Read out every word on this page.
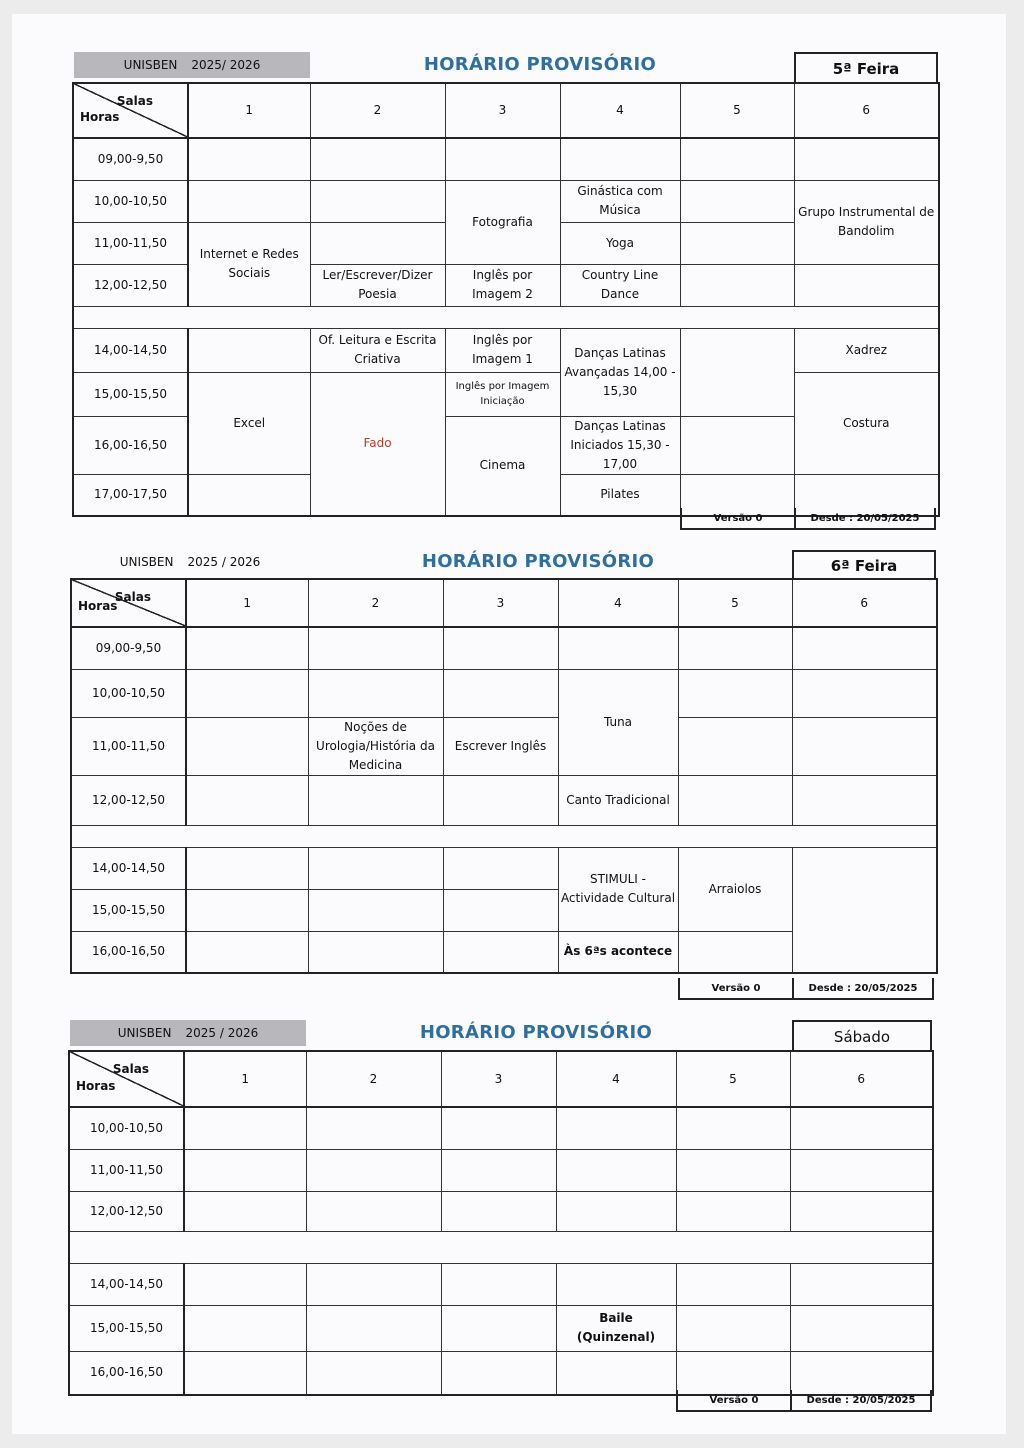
UNISBEN 2025/ 2026	HORÁRIO PROVISÓRIO	5ª Feira
Salas
Horas	1	2	3	4	5	6
09,00-9,50						
10,00-10,50			Fotografia	Ginástica com Música		Grupo Instrumental de Bandolim
11,00-11,50	Internet e Redes Sociais			Yoga		
12,00-12,50		Ler/Escrever/Dizer Poesia	Inglês por Imagem 2	Country Line Dance		

14,00-14,50		Of. Leitura e Escrita Criativa	Inglês por Imagem 1	Danças Latinas Avançadas 14,00 - 15,30		Xadrez
15,00-15,50	Excel	Fado	Inglês por Imagem Iniciação			Costura
16,00-16,50			Cinema	Danças Latinas Iniciados 15,30 - 17,00		
17,00-17,50				Pilates		
Versão 0	Desde : 20/05/2025
UNISBEN 2025 / 2026	HORÁRIO PROVISÓRIO	6ª Feira
Salas
Horas	1	2	3	4	5	6
09,00-9,50						
10,00-10,50				Tuna		
11,00-11,50		Noções de Urologia/História da Medicina	Escrever Inglês			
12,00-12,50				Canto Tradicional		

14,00-14,50				STIMULI - Actividade Cultural	Arraiolos	
15,00-15,50						
16,00-16,50				Às 6ªs acontece		
Versão 0	Desde : 20/05/2025
UNISBEN 2025 / 2026	HORÁRIO PROVISÓRIO	Sábado
Salas
Horas	1	2	3	4	5	6
10,00-10,50						
11,00-11,50						
12,00-12,50						

14,00-14,50						
15,00-15,50				Baile
(Quinzenal)		

16,00-16,50						
Versão 0	Desde : 20/05/2025
